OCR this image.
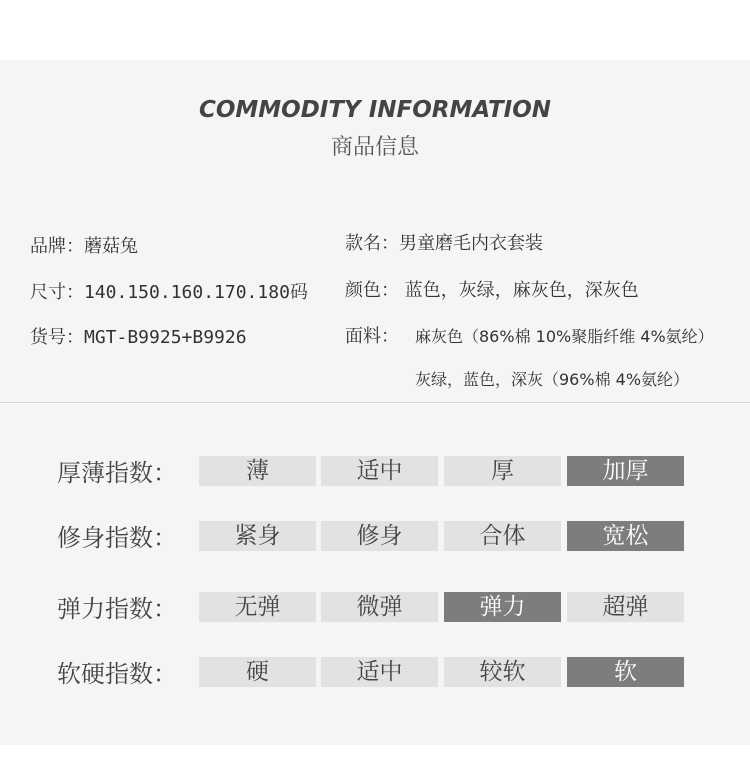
COMMODITY INFORMATION
商品信息
品牌：蘑菇兔
尺寸：140.150.160.170.180码
货号：MGT-B9925+B9926
款名：男童磨毛内衣套装
颜色： 蓝色，灰绿，麻灰色，深灰色
面料： 麻灰色（86%棉 10%聚脂纤维 4%氨纶）
灰绿，蓝色，深灰（96%棉 4%氨纶）
厚薄指数：	薄	适中	厚	加厚
修身指数：	紧身	修身	合体	宽松
弹力指数：	无弹	微弹	弹力	超弹
软硬指数：	硬	适中	较软	软
